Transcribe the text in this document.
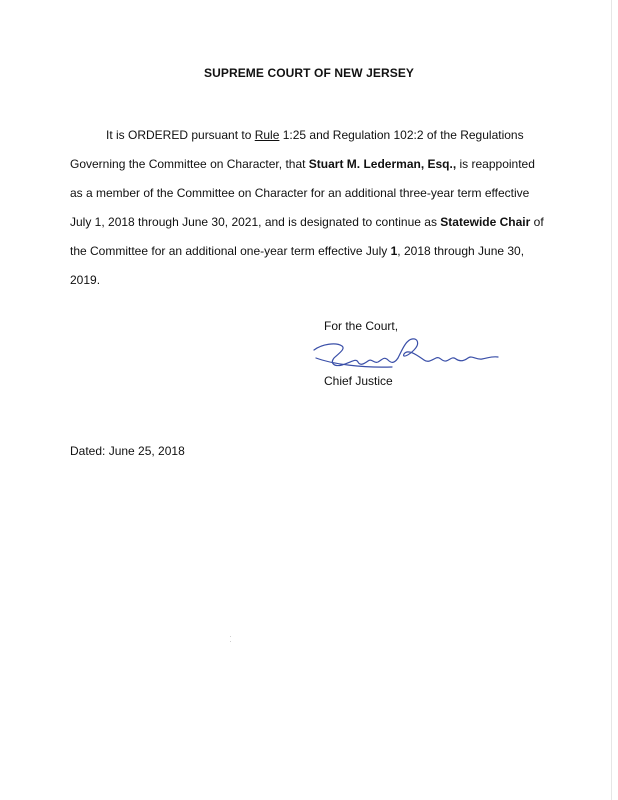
SUPREME COURT OF NEW JERSEY

It is ORDERED pursuant to Rule 1:25 and Regulation 102:2 of the Regulations Governing the Committee on Character, that Stuart M. Lederman, Esq., is reappointed as a member of the Committee on Character for an additional three-year term effective July 1, 2018 through June 30, 2021, and is designated to continue as Statewide Chair of the Committee for an additional one-year term effective July 1, 2018 through June 30, 2019.

For the Court,
Chief Justice
Dated: June 25, 2018
